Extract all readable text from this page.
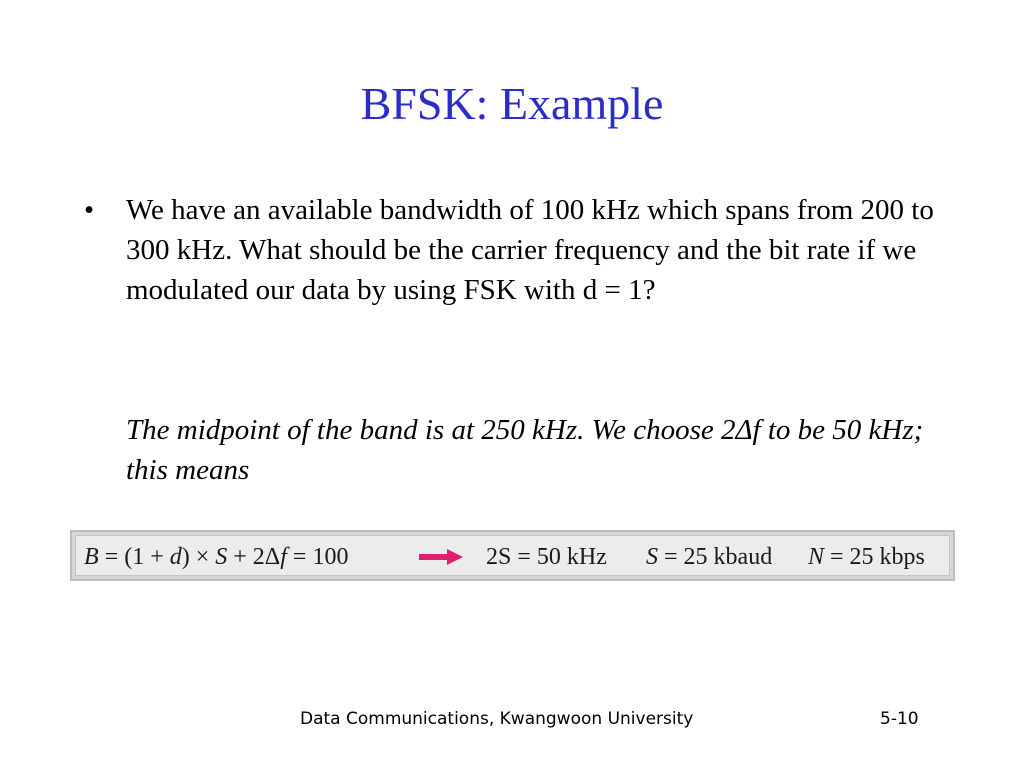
BFSK: Example
• We have an available bandwidth of 100 kHz which spans from 200 to 300 kHz. What should be the carrier frequency and the bit rate if we modulated our data by using FSK with d = 1?

The midpoint of the band is at 250 kHz. We choose 2Δf to be 50 kHz; this means

B = (1 + d) × S + 2Δf = 100	2S = 50 kHz S = 25 kbaud N = 25 kbps
Data Communications, Kwangwoon University	5-10
